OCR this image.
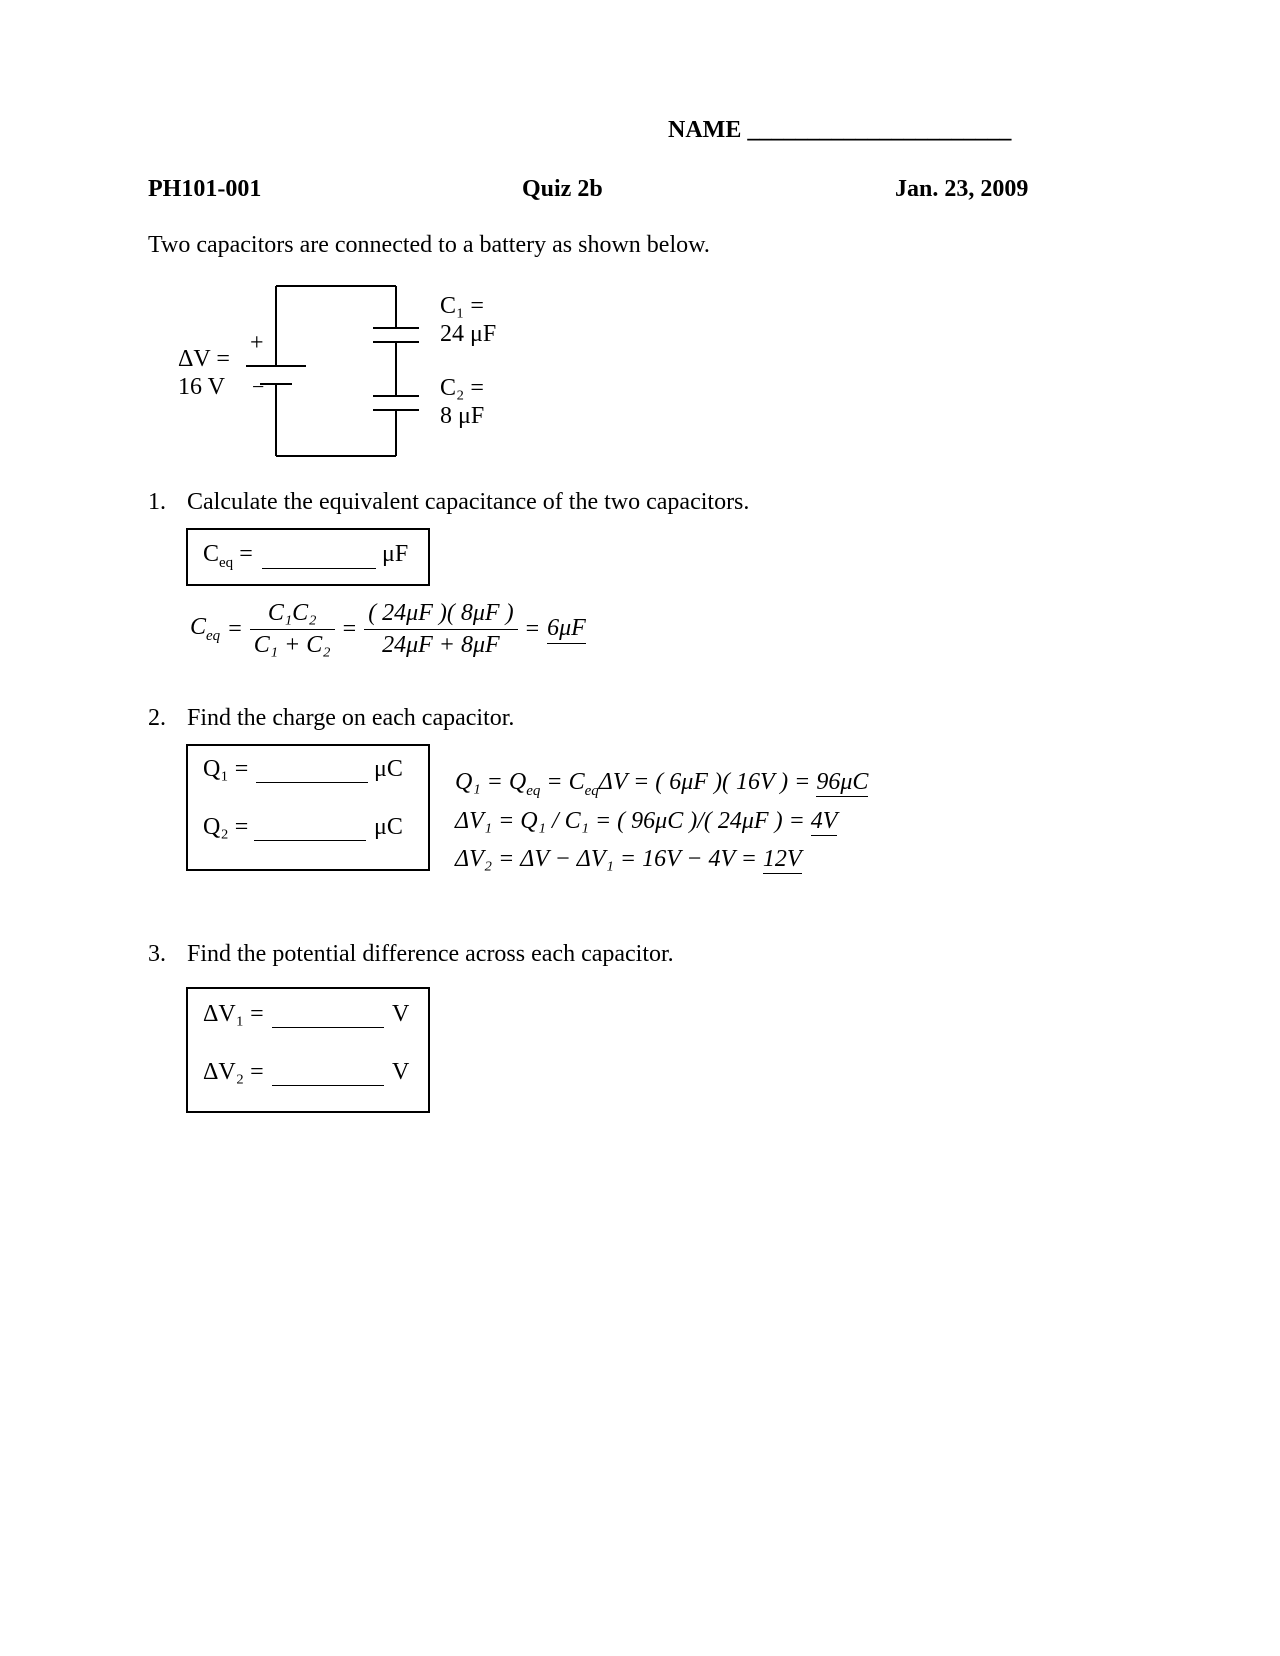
NAME ______________________
PH101-001	Quiz 2b	Jan. 23, 2009
Two capacitors are connected to a battery as shown below.
+
−
ΔV =
16 V
C₁ =
24 μF
C₂ =
8 μF
1. Calculate the equivalent capacitance of the two capacitors.
$C_{eq}$ =	μF
$C_{eq} = \frac{\text{C₁C₂}}{\text{C₁ + C₂}} = \frac{( 24\mu F )( 8\mu F )}{24\mu F + 8\mu F} = 6\mu F$
2. Find the charge on each capacitor.
Q₁ =	μC
Q₂ =	μC
$Q_1 = Q_{eq} = C_{eq}\Delta V$ = ( 6μF )( 16V ) = 96μC
ΔV₁ = Q₁ / C₁ = ( 96μC )/( 24μF ) = 4V
ΔV₂ = ΔV − ΔV₁ = 16V − 4V = 12V
3. Find the potential difference across each capacitor.
ΔV₁ =	V
ΔV₂ =	V
